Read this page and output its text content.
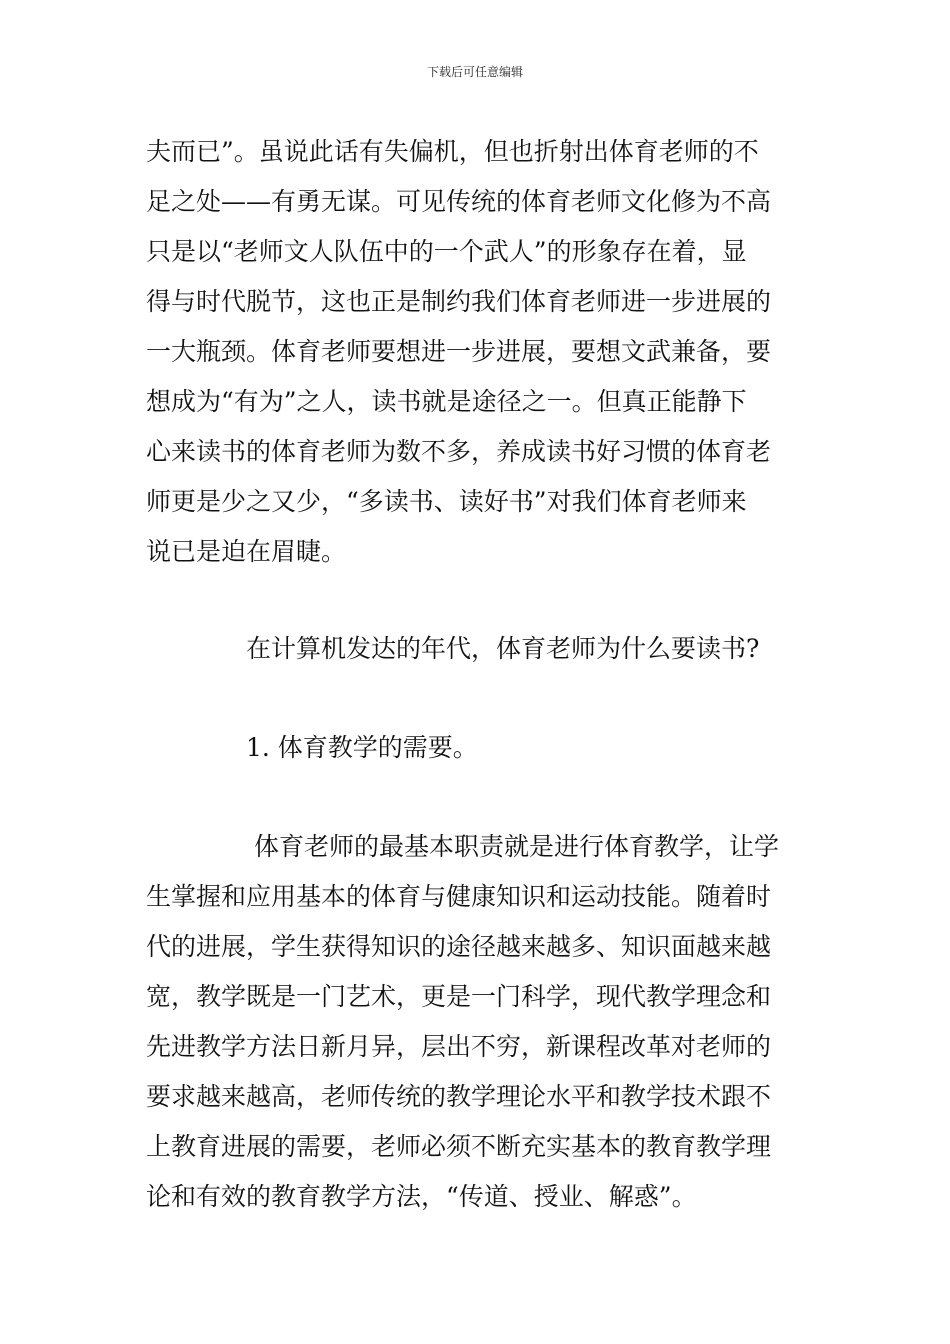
下载后可任意编辑
夫而已”。虽说此话有失偏机，但也折射出体育老师的不
足之处——有勇无谋。可见传统的体育老师文化修为不高
只是以“老师文人队伍中的一个武人”的形象存在着，显
得与时代脱节，这也正是制约我们体育老师进一步进展的
一大瓶颈。体育老师要想进一步进展，要想文武兼备，要
想成为“有为”之人，读书就是途径之一。但真正能静下
心来读书的体育老师为数不多，养成读书好习惯的体育老
师更是少之又少，“多读书、读好书”对我们体育老师来
说已是迫在眉睫。
在计算机发达的年代，体育老师为什么要读书?
1. 体育教学的需要。
体育老师的最基本职责就是进行体育教学，让学
生掌握和应用基本的体育与健康知识和运动技能。随着时
代的进展，学生获得知识的途径越来越多、知识面越来越
宽，教学既是一门艺术，更是一门科学，现代教学理念和
先进教学方法日新月异，层出不穷，新课程改革对老师的
要求越来越高，老师传统的教学理论水平和教学技术跟不
上教育进展的需要，老师必须不断充实基本的教育教学理
论和有效的教育教学方法，“传道、授业、解惑”。
